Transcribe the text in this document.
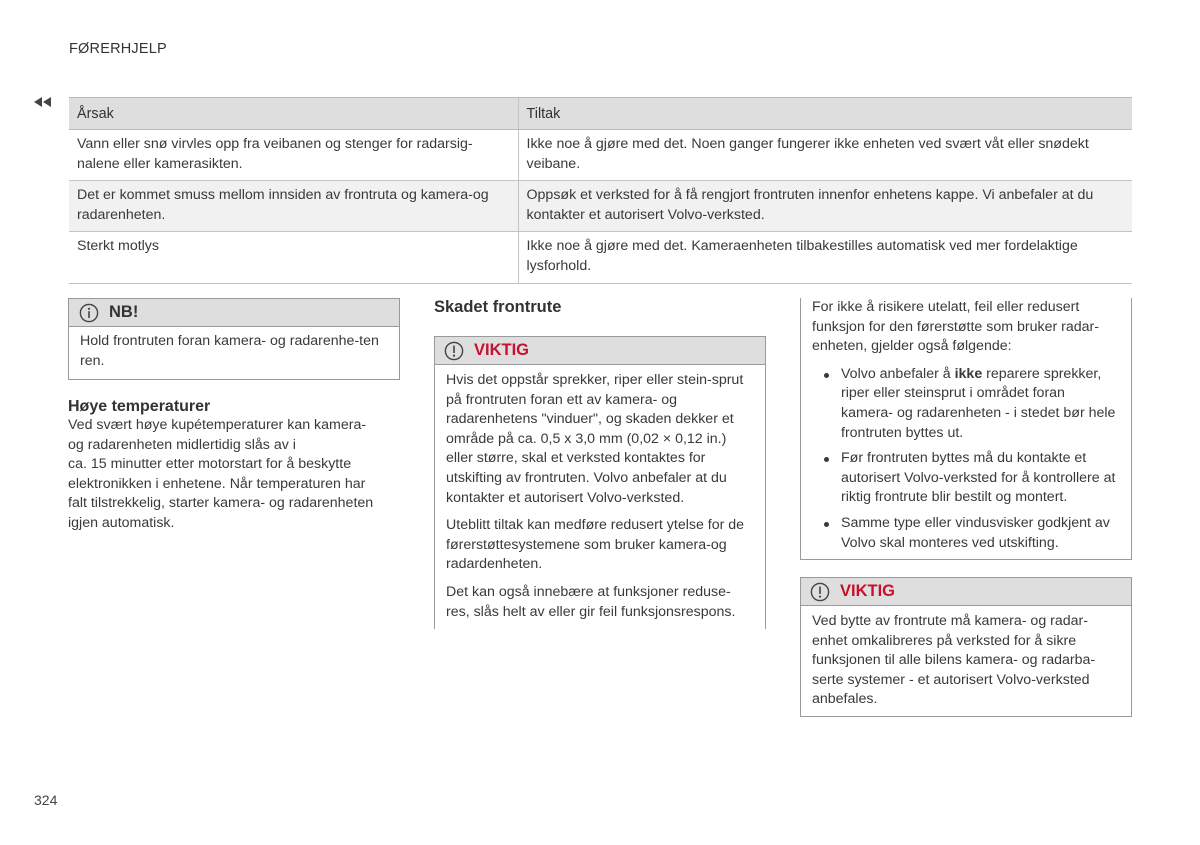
FØRERHJELP
Årsak	Tiltak
Vann eller snø virvles opp fra veibanen og stenger for radarsig-nalene eller kamerasikten.	Ikke noe å gjøre med det. Noen ganger fungerer ikke enheten ved svært våt eller snødekt veibane.
Det er kommet smuss mellom innsiden av frontruta og kamera-og radarenheten.	Oppsøk et verksted for å få rengjort frontruten innenfor enhetens kappe. Vi anbefaler at du kontakter et autorisert Volvo-verksted.
Sterkt motlys	Ikke noe å gjøre med det. Kameraenheten tilbakestilles automatisk ved mer fordelaktige lysforhold.
NB!
Hold frontruten foran kamera- og radarenhe-ten ren.
Høye temperaturer

Ved svært høye kupétemperaturer kan kamera-
og radarenheten midlertidig slås av i
ca. 15 minutter etter motorstart for å beskytte
elektronikken i enhetene. Når temperaturen har
falt tilstrekkelig, starter kamera- og radarenheten
igjen automatisk.

Skadet frontrute
VIKTIG

Hvis det oppstår sprekker, riper eller stein-sprut på frontruten foran ett av kamera- og radarenhetens "vinduer", og skaden dekker et område på ca. 0,5 x 3,0 mm (0,02 × 0,12 in.) eller større, skal et verksted kontaktes for utskifting av frontruten. Volvo anbefaler at du kontakter et autorisert Volvo-verksted.

Uteblitt tiltak kan medføre redusert ytelse for de førerstøttesystemene som bruker kamera-og radardenheten.

Det kan også innebære at funksjoner reduse-res, slås helt av eller gir feil funksjonsrespons.

For ikke å risikere utelatt, feil eller redusert funksjon for den førerstøtte som bruker radar-enheten, gjelder også følgende:

Volvo anbefaler å ikke reparere sprekker, riper eller steinsprut i området foran kamera- og radarenheten - i stedet bør hele frontruten byttes ut.
Før frontruten byttes må du kontakte et autorisert Volvo-verksted for å kontrollere at riktig frontrute blir bestilt og montert.
Samme type eller vindusvisker godkjent av Volvo skal monteres ved utskifting.
VIKTIG
Ved bytte av frontrute må kamera- og radar-enhet omkalibreres på verksted for å sikre funksjonen til alle bilens kamera- og radarba-serte systemer - et autorisert Volvo-verksted anbefales.
324
